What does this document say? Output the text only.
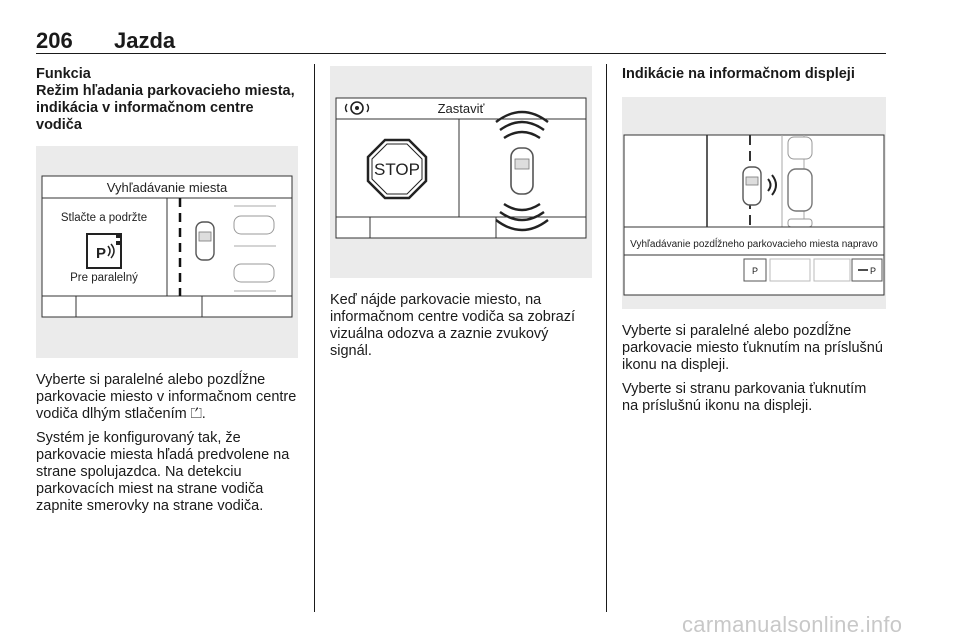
206 Jazda
Funkcia
Režim hľadania parkovacieho miesta, indikácia v informačnom centre vodiča
Vyhľadávanie miesta
Stlačte a podržte
P
Pre paralelný

Vyberte si paralelné alebo pozdĺžne parkovacie miesto v informačnom centre vodiča dlhým stlačením ⏍.

Systém je konfigurovaný tak, že parkovacie miesta hľadá predvolene na strane spolujazdca. Na detekciu parkovacích miest na strane vodiča zapnite smerovky na strane vodiča.

Zastaviť
STOP

Keď nájde parkovacie miesto, na informačnom centre vodiča sa zobrazí vizuálna odozva a zaznie zvukový signál.

Indikácie na informačnom displeji
Vyhľadávanie pozdĺžneho parkovacieho miesta napravo
P	P

Vyberte si paralelné alebo pozdĺžne parkovacie miesto ťuknutím na príslušnú ikonu na displeji.

Vyberte si stranu parkovania ťuknutím na príslušnú ikonu na displeji.

carmanualsonline.info
